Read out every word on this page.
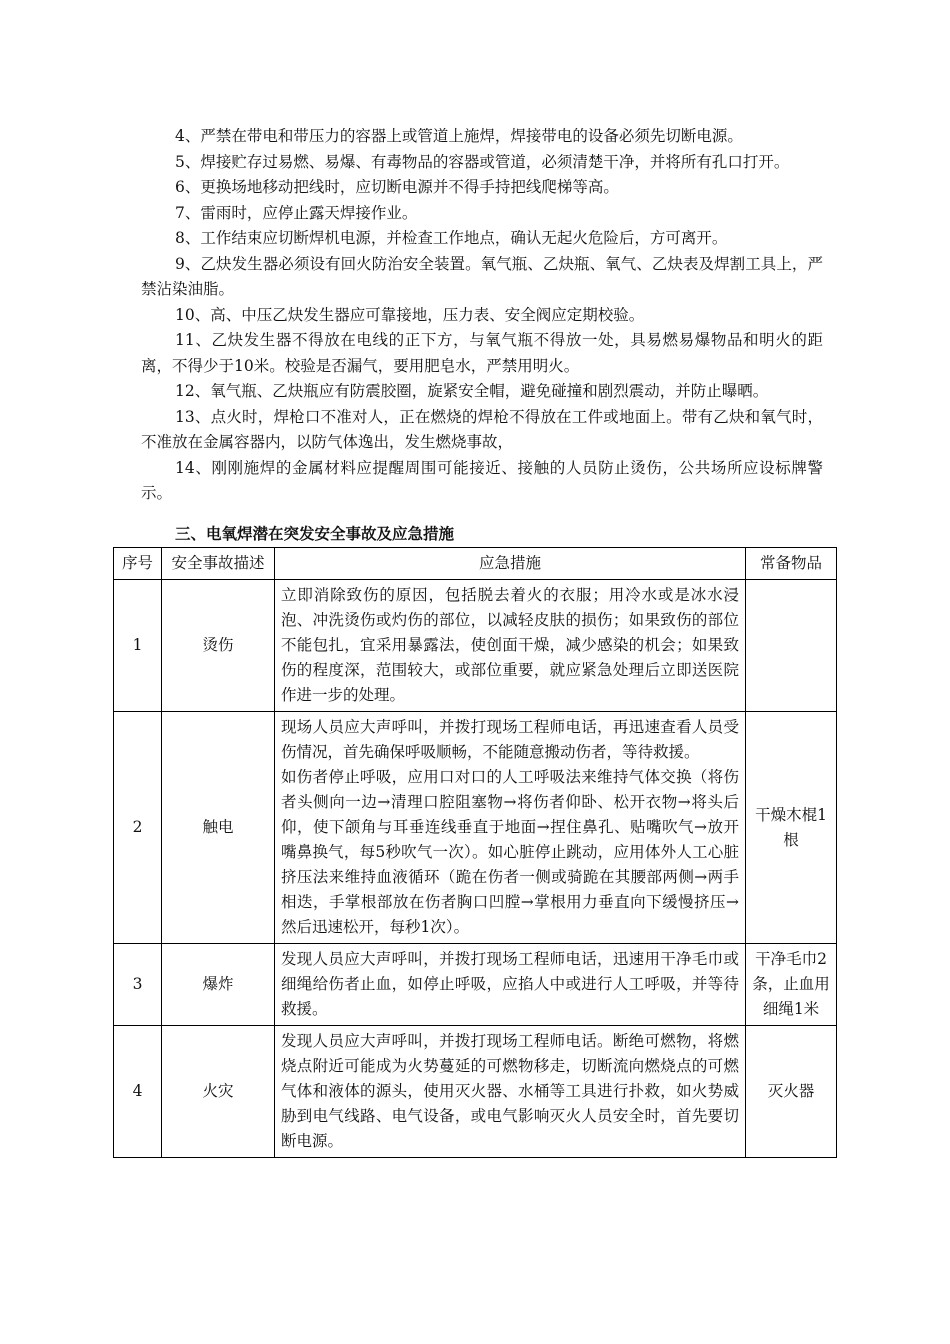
4、严禁在带电和带压力的容器上或管道上施焊，焊接带电的设备必须先切断电源。

5、焊接贮存过易燃、易爆、有毒物品的容器或管道，必须清楚干净，并将所有孔口打开。

6、更换场地移动把线时，应切断电源并不得手持把线爬梯等高。

7、雷雨时，应停止露天焊接作业。

8、工作结束应切断焊机电源，并检查工作地点，确认无起火危险后，方可离开。

9、乙炔发生器必须设有回火防治安全装置。氧气瓶、乙炔瓶、氧气、乙炔表及焊割工具上，严禁沾染油脂。

10、高、中压乙炔发生器应可靠接地，压力表、安全阀应定期校验。

11、乙炔发生器不得放在电线的正下方，与氧气瓶不得放一处，具易燃易爆物品和明火的距离，不得少于10米。校验是否漏气，要用肥皂水，严禁用明火。

12、氧气瓶、乙炔瓶应有防震胶圈，旋紧安全帽，避免碰撞和剧烈震动，并防止曝晒。

13、点火时，焊枪口不准对人，正在燃烧的焊枪不得放在工件或地面上。带有乙炔和氧气时，不准放在金属容器内，以防气体逸出，发生燃烧事故，

14、刚刚施焊的金属材料应提醒周围可能接近、接触的人员防止烫伤，公共场所应设标牌警示。

三、电氧焊潜在突发安全事故及应急措施
序号	安全事故描述	应急措施	常备物品
1	烫伤	立即消除致伤的原因，包括脱去着火的衣服；用冷水或是冰水浸泡、冲洗烫伤或灼伤的部位，以减轻皮肤的损伤；如果致伤的部位不能包扎，宜采用暴露法，使创面干燥，减少感染的机会；如果致伤的程度深，范围较大，或部位重要，就应紧急处理后立即送医院作进一步的处理。	
2	触电	现场人员应大声呼叫，并拨打现场工程师电话，再迅速查看人员受伤情况，首先确保呼吸顺畅，不能随意搬动伤者，等待救援。
如伤者停止呼吸，应用口对口的人工呼吸法来维持气体交换（将伤者头侧向一边→清理口腔阻塞物→将伤者仰卧、松开衣物→将头后仰，使下颌角与耳垂连线垂直于地面→捏住鼻孔、贴嘴吹气→放开嘴鼻换气，每5秒吹气一次）。如心脏停止跳动，应用体外人工心脏挤压法来维持血液循环（跪在伤者一侧或骑跪在其腰部两侧→两手相迭，手掌根部放在伤者胸口凹膛→掌根用力垂直向下缓慢挤压→然后迅速松开，每秒1次）。	干燥木棍1根
3	爆炸	发现人员应大声呼叫，并拨打现场工程师电话，迅速用干净毛巾或细绳给伤者止血，如停止呼吸，应掐人中或进行人工呼吸，并等待救援。	干净毛巾2条，止血用细绳1米
4	火灾	发现人员应大声呼叫，并拨打现场工程师电话。断绝可燃物，将燃烧点附近可能成为火势蔓延的可燃物移走，切断流向燃烧点的可燃气体和液体的源头，使用灭火器、水桶等工具进行扑救，如火势威胁到电气线路、电气设备，或电气影响灭火人员安全时，首先要切断电源。	灭火器
